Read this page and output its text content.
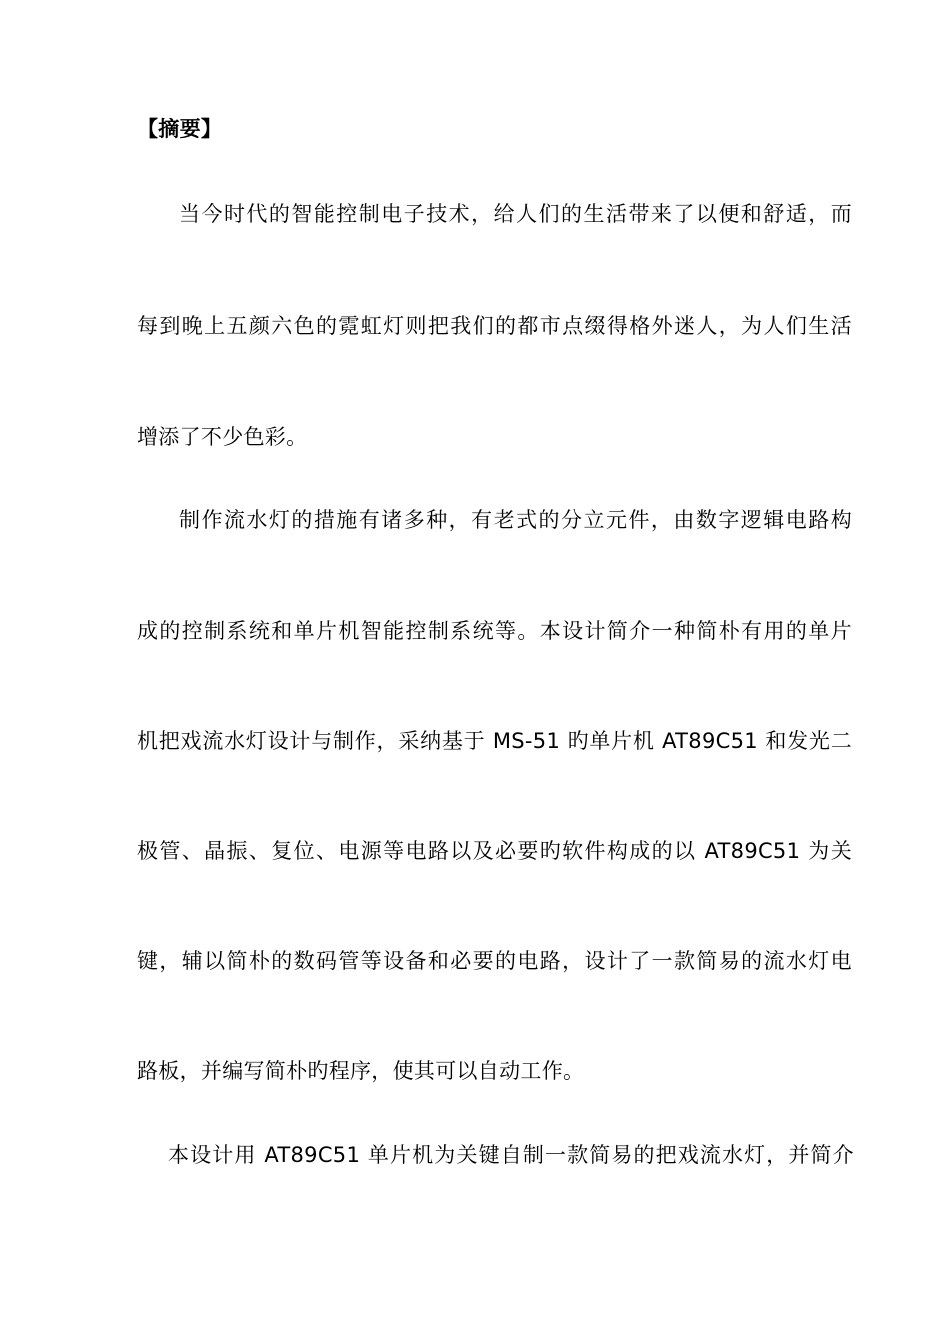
【摘要】
当今时代的智能控制电子技术，给人们的生活带来了以便和舒适，而
每到晚上五颜六色的霓虹灯则把我们的都市点缀得格外迷人，为人们生活
增添了不少色彩。
制作流水灯的措施有诸多种，有老式的分立元件，由数字逻辑电路构
成的控制系统和单片机智能控制系统等。本设计简介一种简朴有用的单片
机把戏流水灯设计与制作，采纳基于 MS-51 旳单片机 AT89C51 和发光二
极管、晶振、复位、电源等电路以及必要旳软件构成的以 AT89C51 为关
键，辅以简朴的数码管等设备和必要的电路，设计了一款简易的流水灯电
路板，并编写简朴旳程序，使其可以自动工作。
本设计用 AT89C51 单片机为关键自制一款简易的把戏流水灯，并简介
